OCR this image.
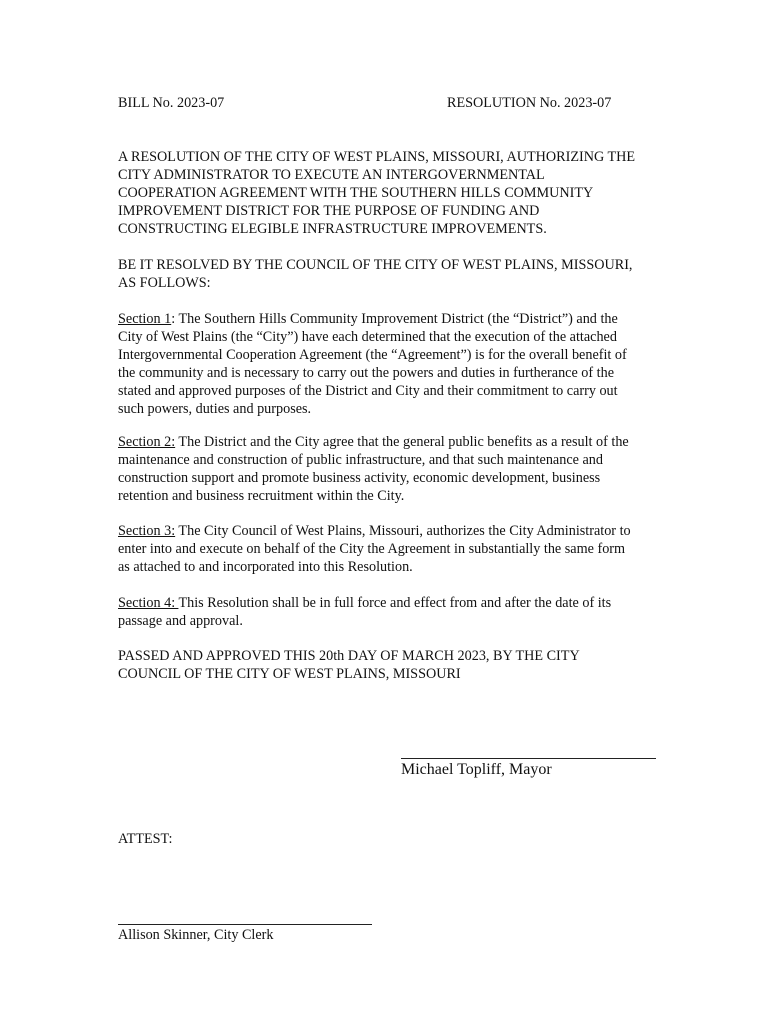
BILL No. 2023-07	RESOLUTION No. 2023-07

A RESOLUTION OF THE CITY OF WEST PLAINS, MISSOURI, AUTHORIZING THE

CITY ADMINISTRATOR TO EXECUTE AN INTERGOVERNMENTAL

COOPERATION AGREEMENT WITH THE SOUTHERN HILLS COMMUNITY

IMPROVEMENT DISTRICT FOR THE PURPOSE OF FUNDING AND

CONSTRUCTING ELEGIBLE INFRASTRUCTURE IMPROVEMENTS.

BE IT RESOLVED BY THE COUNCIL OF THE CITY OF WEST PLAINS, MISSOURI,

AS FOLLOWS:

Section 1: The Southern Hills Community Improvement District (the “District”) and the

City of West Plains (the “City”) have each determined that the execution of the attached

Intergovernmental Cooperation Agreement (the “Agreement”) is for the overall benefit of

the community and is necessary to carry out the powers and duties in furtherance of the

stated and approved purposes of the District and City and their commitment to carry out

such powers, duties and purposes.

Section 2: The District and the City agree that the general public benefits as a result of the

maintenance and construction of public infrastructure, and that such maintenance and

construction support and promote business activity, economic development, business

retention and business recruitment within the City.

Section 3: The City Council of West Plains, Missouri, authorizes the City Administrator to

enter into and execute on behalf of the City the Agreement in substantially the same form

as attached to and incorporated into this Resolution.

Section 4: This Resolution shall be in full force and effect from and after the date of its

passage and approval.

PASSED AND APPROVED THIS 20th DAY OF MARCH 2023, BY THE CITY

COUNCIL OF THE CITY OF WEST PLAINS, MISSOURI

Michael Topliff, Mayor
ATTEST:
Allison Skinner, City Clerk
